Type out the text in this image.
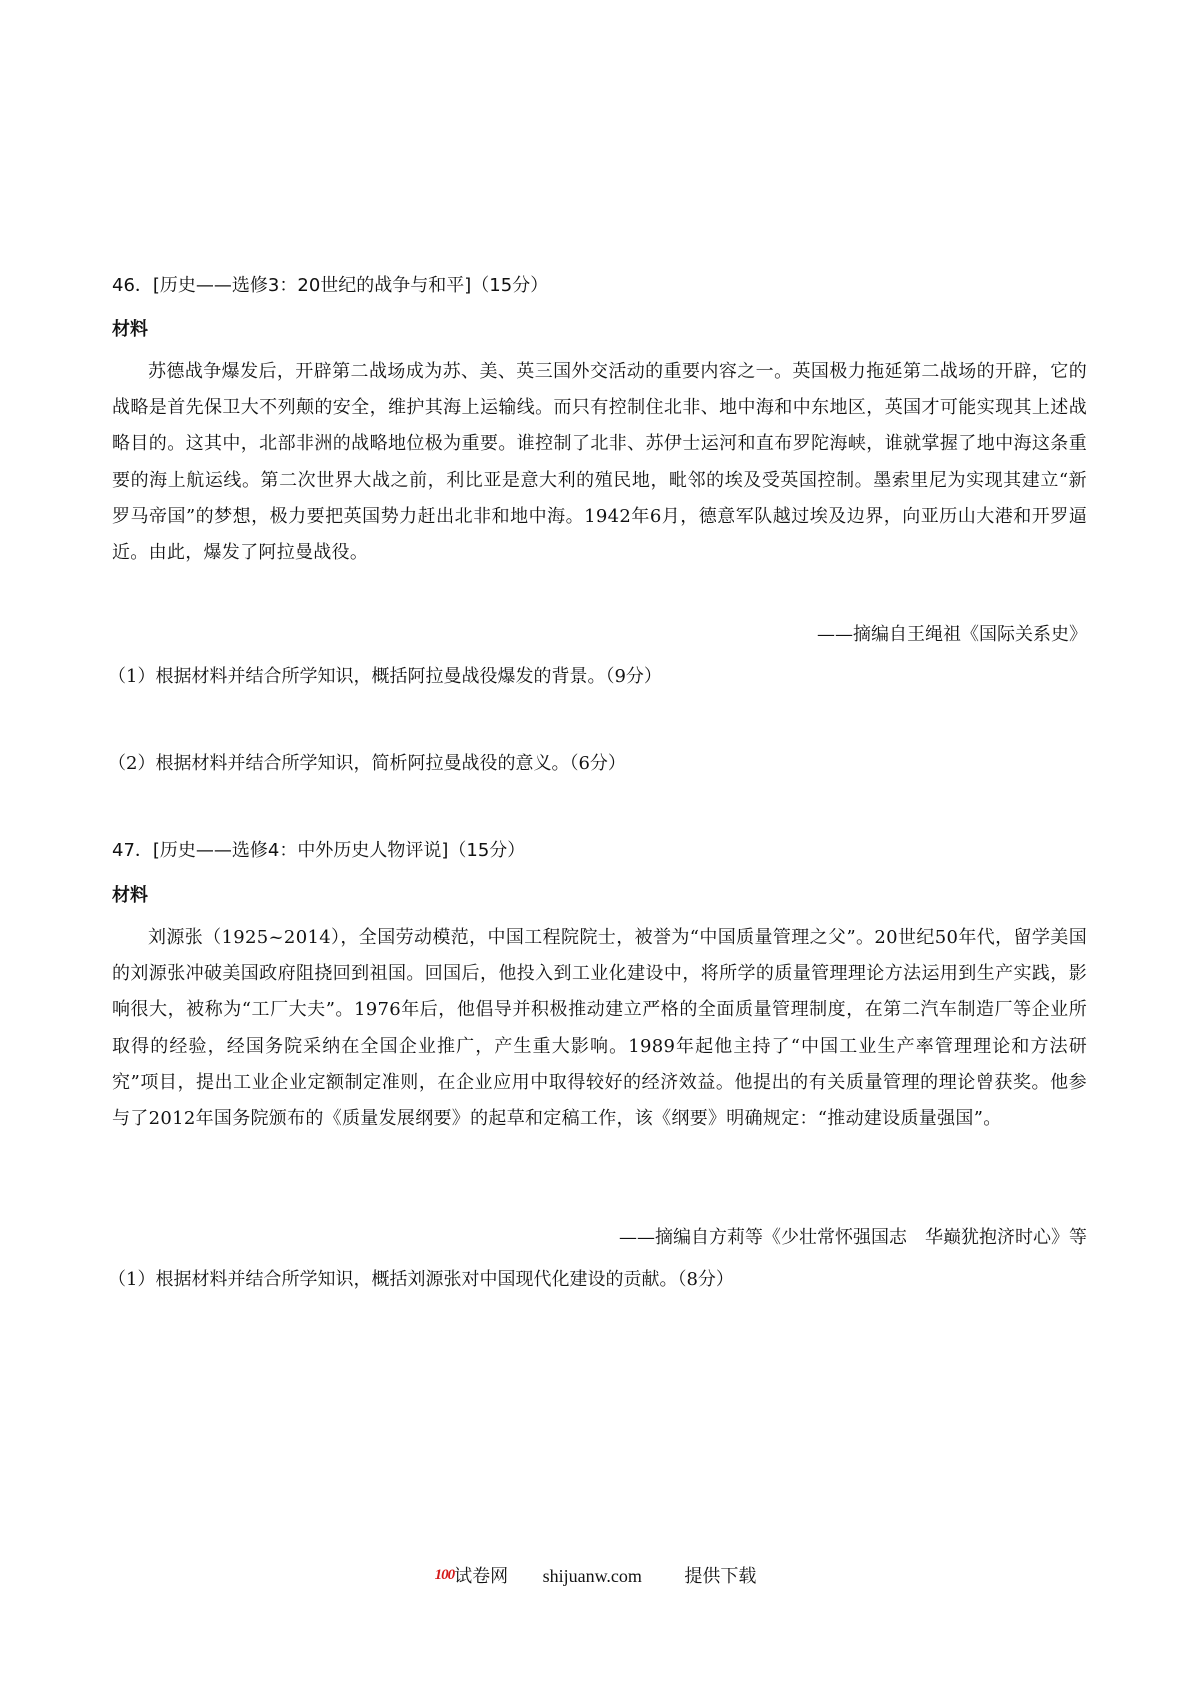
46．[历史——选修3：20世纪的战争与和平]（15分）
材料
苏德战争爆发后，开辟第二战场成为苏、美、英三国外交活动的重要内容之一。英国极力拖延第二战场的开辟，它的战略是首先保卫大不列颠的安全，维护其海上运输线。而只有控制住北非、地中海和中东地区，英国才可能实现其上述战略目的。这其中，北部非洲的战略地位极为重要。谁控制了北非、苏伊士运河和直布罗陀海峡，谁就掌握了地中海这条重要的海上航运线。第二次世界大战之前，利比亚是意大利的殖民地，毗邻的埃及受英国控制。墨索里尼为实现其建立“新罗马帝国”的梦想，极力要把英国势力赶出北非和地中海。1942年6月，德意军队越过埃及边界，向亚历山大港和开罗逼近。由此，爆发了阿拉曼战役。
——摘编自王绳祖《国际关系史》
（1）根据材料并结合所学知识，概括阿拉曼战役爆发的背景。（9分）
（2）根据材料并结合所学知识，简析阿拉曼战役的意义。（6分）
47．[历史——选修4：中外历史人物评说]（15分）
材料
刘源张（1925~2014），全国劳动模范，中国工程院院士，被誉为“中国质量管理之父”。20世纪50年代，留学美国的刘源张冲破美国政府阻挠回到祖国。回国后，他投入到工业化建设中，将所学的质量管理理论方法运用到生产实践，影响很大，被称为“工厂大夫”。1976年后，他倡导并积极推动建立严格的全面质量管理制度，在第二汽车制造厂等企业所取得的经验，经国务院采纳在全国企业推广，产生重大影响。1989年起他主持了“中国工业生产率管理理论和方法研究”项目，提出工业企业定额制定准则，在企业应用中取得较好的经济效益。他提出的有关质量管理的理论曾获奖。他参与了2012年国务院颁布的《质量发展纲要》的起草和定稿工作，该《纲要》明确规定：“推动建设质量强国”。
——摘编自方莉等《少壮常怀强国志　华巅犹抱济时心》等
（1）根据材料并结合所学知识，概括刘源张对中国现代化建设的贡献。（8分）
100试卷网 shijuanw.com 提供下载
